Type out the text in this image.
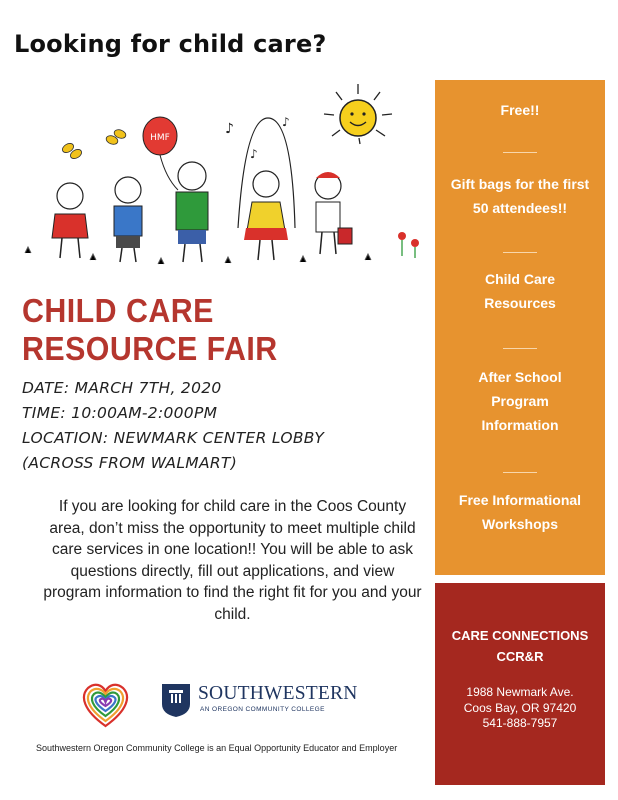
Looking for child care?
HMF
♪
♪
♪
CHILD CARE
RESOURCE FAIR
DATE: MARCH 7TH, 2020
TIME: 10:00AM-2:000PM
LOCATION: NEWMARK CENTER LOBBY
(ACROSS FROM WALMART)
If you are looking for child care in the Coos County area, don’t miss the opportunity to meet multiple child care services in one location!! You will be able to ask questions directly, fill out applications, and view program information to find the right fit for you and your child.
Free!!
Gift bags for the first
50 attendees!!
Child Care
Resources
After School
Program
Information
Free Informational
Workshops
CARE CONNECTIONS
CCR&R
1988 Newmark Ave.
Coos Bay, OR 97420
541-888-7957
SOUTHWESTERN
AN OREGON COMMUNITY COLLEGE
Southwestern Oregon Community College is an Equal Opportunity Educator and Employer
